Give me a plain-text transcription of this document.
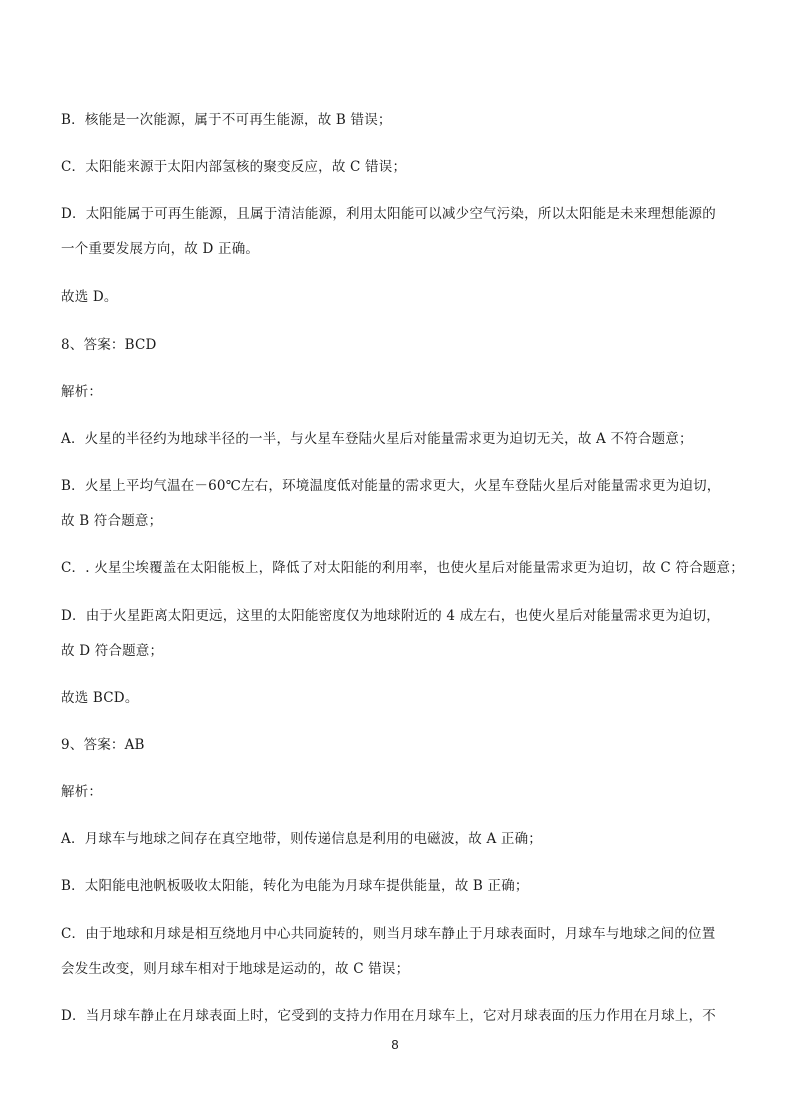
B．核能是一次能源，属于不可再生能源，故 B 错误；
C．太阳能来源于太阳内部氢核的聚变反应，故 C 错误；
D．太阳能属于可再生能源，且属于清洁能源，利用太阳能可以减少空气污染，所以太阳能是未来理想能源的
一个重要发展方向，故 D 正确。
故选 D。
8、答案：BCD
解析：
A．火星的半径约为地球半径的一半，与火星车登陆火星后对能量需求更为迫切无关，故 A 不符合题意；
B．火星上平均气温在－60℃左右，环境温度低对能量的需求更大，火星车登陆火星后对能量需求更为迫切，
故 B 符合题意；
C．. 火星尘埃覆盖在太阳能板上，降低了对太阳能的利用率，也使火星后对能量需求更为迫切，故 C 符合题意；
D．由于火星距离太阳更远，这里的太阳能密度仅为地球附近的 4 成左右，也使火星后对能量需求更为迫切，
故 D 符合题意；
故选 BCD。
9、答案：AB
解析：
A．月球车与地球之间存在真空地带，则传递信息是利用的电磁波，故 A 正确；
B．太阳能电池帆板吸收太阳能，转化为电能为月球车提供能量，故 B 正确；
C．由于地球和月球是相互绕地月中心共同旋转的，则当月球车静止于月球表面时，月球车与地球之间的位置
会发生改变，则月球车相对于地球是运动的，故 C 错误；
D．当月球车静止在月球表面上时，它受到的支持力作用在月球车上，它对月球表面的压力作用在月球上，不
8
